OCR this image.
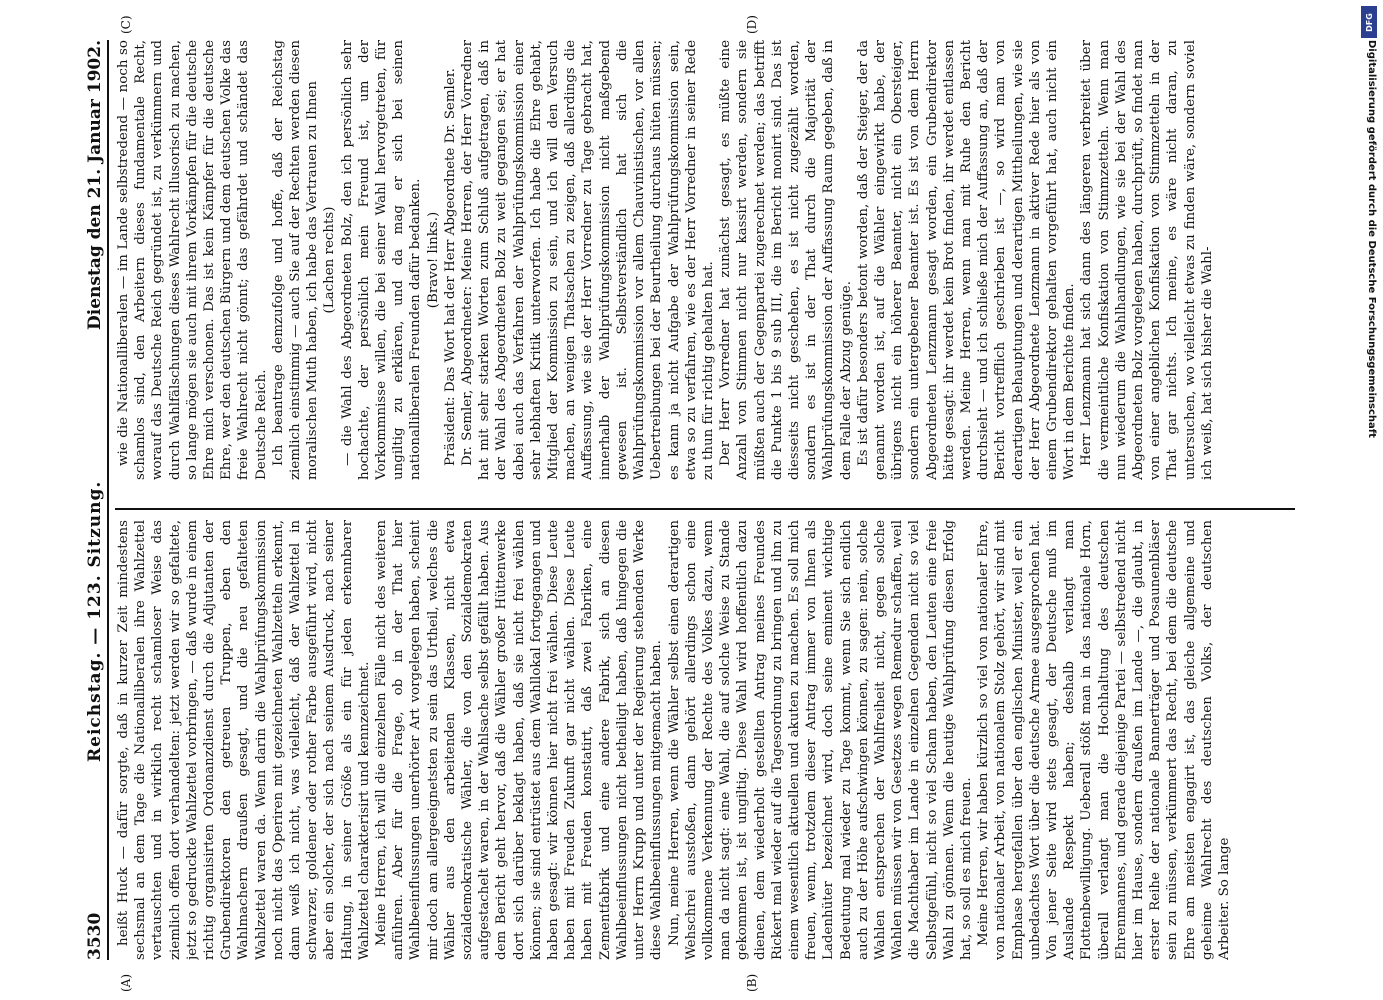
3530
Reichstag. — 123. Sitzung.
Dienstag den 21. Januar 1902.
(A)	(B)
(C)	(D)

heißt Huck — dafür sorgte, daß in kurzer Zeit mindestens sechsmal an dem Tage die Nationalliberalen ihre Wahlzettel vertauschten und in wirklich recht schamloser Weise das ziemlich offen dort verhandelten: jetzt werden wir so gefaltete, jetzt so gedruckte Wahlzettel vorbringen, — daß wurde in einem richtig organisirten Ordonanzdienst durch die Adjutanten der Grubendirektoren den getreuen Truppen, eben den Wahlmachern draußen gesagt, und die neu gefalteten Wahlzettel waren da. Wenn darin die Wahlprüfungskommission noch nicht das Operiren mit gezeichneten Wahlzetteln erkennt, dann weiß ich nicht, was vielleicht, daß der Wahlzettel in schwarzer, goldener oder rother Farbe ausgeführt wird, nicht aber ein solcher, der sich nach seinem Ausdruck, nach seiner Haltung, in seiner Größe als ein für jeden erkennbarer Wahlzettel charakterisirt und kennzeichnet. Meine Herren, ich will die einzelnen Fälle nicht des weiteren anführen. Aber für die Frage, ob in der That hier Wahlbeeinflussungen unerhörter Art vorgelegen haben, scheint mir doch am allergeeignetsten zu sein das Urtheil, welches die Wähler aus den arbeitenden Klassen, nicht etwa sozialdemokratische Wähler, die von den Sozialdemokraten aufgestachelt waren, in der Wahlsache selbst gefällt haben. Aus dem Bericht geht hervor, daß die Wähler großer Hüttenwerke dort sich darüber beklagt haben, daß sie nicht frei wählen können; sie sind entrüstet aus dem Wahllokal fortgegangen und haben gesagt: wir können hier nicht frei wählen. Diese Leute haben mit Freuden Zukunft gar nicht wählen. Diese Leute haben mit Freuden konstatirt, daß zwei Fabriken, eine Zementfabrik und eine andere Fabrik, sich an diesen Wahlbeeinflussungen nicht betheiligt haben, daß hingegen die unter Herrn Krupp und unter der Regierung stehenden Werke diese Wahlbeeinflussungen mitgemacht haben. Nun, meine Herren, wenn die Wähler selbst einen derartigen Wehschrei ausstoßen, dann gehört allerdings schon eine vollkommene Verkennung der Rechte des Volkes dazu, wenn man da nicht sagt: eine Wahl, die auf solche Weise zu Stande gekommen ist, ist ungiltig. Diese Wahl wird hoffentlich dazu dienen, dem wiederholt gestellten Antrag meines Freundes Rickert mal wieder auf die Tagesordnung zu bringen und ihn zu einem wesentlich aktuellen und akuten zu machen. Es soll mich freuen, wenn, trotzdem dieser Antrag immer von Ihnen als Ladenhüter bezeichnet wird, doch seine eminent wichtige Bedeutung mal wieder zu Tage kommt, wenn Sie sich endlich auch zu der Höhe aufschwingen können, zu sagen: nein, solche Wahlen entsprechen der Wahlfreiheit nicht, gegen solche Wahlen müssen wir von Gesetzes wegen Remedur schaffen, weil die Machthaber im Lande in einzelnen Gegenden nicht so viel Selbstgefühl, nicht so viel Scham haben, den Leuten eine freie Wahl zu gönnen. Wenn die heutige Wahlprüfung diesen Erfolg hat, so soll es mich freuen. Meine Herren, wir haben kürzlich so viel von nationaler Ehre, von nationaler Arbeit, von nationalem Stolz gehört, wir sind mit Emphase hergefallen über den englischen Minister, weil er ein unbedachtes Wort über die deutsche Armee ausgesprochen hat. Von jener Seite wird stets gesagt, der Deutsche muß im Auslande Respekt haben; deshalb verlangt man Flottenbewilligung. Ueberall stößt man in das nationale Horn, überall verlangt man die Hochhaltung des deutschen Ehrenmannes, und gerade diejenige Partei — selbstredend nicht hier im Hause, sondern draußen im Lande —, die glaubt, in erster Reihe der nationale Bannerträger und Posaunenbläser sein zu müssen, verkümmert das Recht, bei dem die deutsche Ehre am meisten engagirt ist, das gleiche allgemeine und geheime Wahlrecht des deutschen Volks, der deutschen Arbeiter. So lange

wie die Nationalliberalen — im Lande selbstredend — noch so schamlos sind, den Arbeitern dieses fundamentale Recht, worauf das Deutsche Reich gegründet ist, zu verkümmern und durch Wahlfälschungen dieses Wahlrecht illusorisch zu machen, so lange mögen sie auch mit ihrem Vorkämpfen für die deutsche Ehre mich verschonen. Das ist kein Kämpfer für die deutsche Ehre, wer den deutschen Bürgern und dem deutschen Volke das freie Wahlrecht nicht gönnt; das gefährdet und schändet das Deutsche Reich. Ich beantrage demzufolge und hoffe, daß der Reichstag ziemlich einstimmig — auch Sie auf der Rechten werden diesen moralischen Muth haben, ich habe das Vertrauen zu Ihnen (Lachen rechts) — die Wahl des Abgeordneten Bolz, den ich persönlich sehr hochachte, der persönlich mein Freund ist, um der Vorkommnisse willen, die bei seiner Wahl hervorgetreten, für ungiltig zu erklären, und da mag er sich bei seinen nationalliberalen Freunden dafür bedanken. (Bravo! links.) Präsident: Das Wort hat der Herr Abgeordnete Dr. Semler. Dr. Semler, Abgeordneter: Meine Herren, der Herr Vorredner hat mit sehr starken Worten zum Schluß aufgetragen, daß in der Wahl des Abgeordneten Bolz zu weit gegangen sei; er hat dabei auch das Verfahren der Wahlprüfungskommission einer sehr lebhaften Kritik unterworfen. Ich habe die Ehre gehabt, Mitglied der Kommission zu sein, und ich will den Versuch machen, an wenigen Thatsachen zu zeigen, daß allerdings die Auffassung, wie sie der Herr Vorredner zu Tage gebracht hat, innerhalb der Wahlprüfungskommission nicht maßgebend gewesen ist. Selbstverständlich hat sich die Wahlprüfungskommission vor allem Chauvinistischen, vor allen Uebertreibungen bei der Beurtheilung durchaus hüten müssen; es kann ja nicht Aufgabe der Wahlprüfungskommission sein, etwa so zu verfahren, wie es der Herr Vorredner in seiner Rede zu thun für richtig gehalten hat. Der Herr Vorredner hat zunächst gesagt, es müßte eine Anzahl von Stimmen nicht nur kassirt werden, sondern sie müßten auch der Gegenpartei zugerechnet werden; das betrifft die Punkte 1 bis 9 sub III, die im Bericht monirt sind. Das ist diesseits nicht geschehen, es ist nicht zugezählt worden, sondern es ist in der That durch die Majorität der Wahlprüfungskommission der Auffassung Raum gegeben, daß in dem Falle der Abzug genüge. Es ist dafür besonders betont worden, daß der Steiger, der da genannt worden ist, auf die Wähler eingewirkt habe, der übrigens nicht ein höherer Beamter, nicht ein Obersteiger, sondern ein untergebener Beamter ist. Es ist von dem Herrn Abgeordneten Lenzmann gesagt worden, ein Grubendirektor hätte gesagt: ihr werdet kein Brot finden, ihr werdet entlassen werden. Meine Herren, wenn man mit Ruhe den Bericht durchsieht — und ich schließe mich der Auffassung an, daß der Bericht vortrefflich geschrieben ist —, so wird man von derartigen Behauptungen und derartigen Mittheilungen, wie sie der Herr Abgeordnete Lenzmann in aktiver Rede hier als von einem Grubendirektor gehalten vorgeführt hat, auch nicht ein Wort in dem Berichte finden. Herr Lenzmann hat sich dann des längeren verbreitet über die vermeintliche Konfiskation von Stimmzetteln. Wenn man nun wiederum die Wahlhandlungen, wie sie bei der Wahl des Abgeordneten Bolz vorgelegen haben, durchprüft, so findet man von einer angeblichen Konfiskation von Stimmzetteln in der That gar nichts. Ich meine, es wäre nicht daran, zu untersuchen, wo vielleicht etwas zu finden wäre, sondern soviel ich weiß, hat sich bisher die Wahl-

DFG
Digitalisierung gefördert durch die Deutsche Forschungsgemeinschaft
